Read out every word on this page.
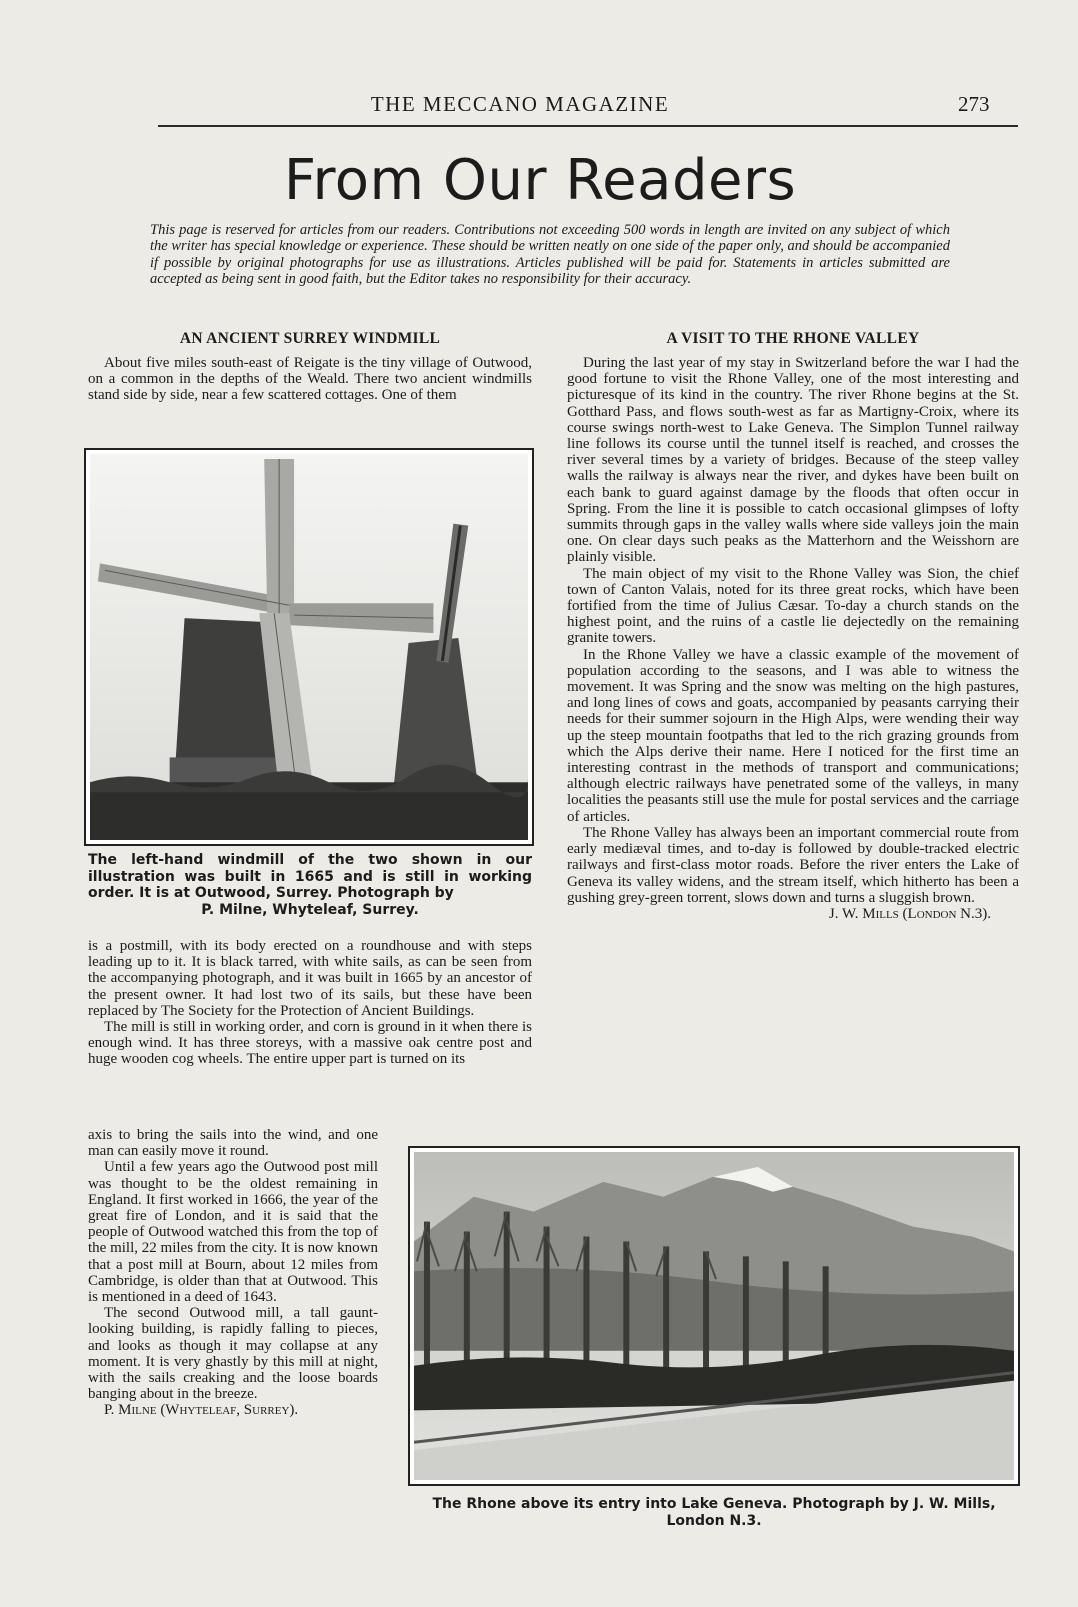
THE MECCANO MAGAZINE	273
From Our Readers
This page is reserved for articles from our readers. Contributions not exceeding 500 words in length are invited on any subject of which the writer has special knowledge or experience. These should be written neatly on one side of the paper only, and should be accompanied if possible by original photographs for use as illustrations. Articles published will be paid for. Statements in articles submitted are accepted as being sent in good faith, but the Editor takes no responsibility for their accuracy.
AN ANCIENT SURREY WINDMILL

About five miles south-east of Reigate is the tiny village of Outwood, on a common in the depths of the Weald. There two ancient windmills stand side by side, near a few scattered cottages. One of them

The left-hand windmill of the two shown in our illustration was built in 1665 and is still in working order. It is at Outwood, Surrey. Photograph by
P. Milne, Whyteleaf, Surrey.

is a postmill, with its body erected on a roundhouse and with steps leading up to it. It is black tarred, with white sails, as can be seen from the accompanying photograph, and it was built in 1665 by an ancestor of the present owner. It had lost two of its sails, but these have been replaced by The Society for the Protection of Ancient Buildings.

The mill is still in working order, and corn is ground in it when there is enough wind. It has three storeys, with a massive oak centre post and huge wooden cog wheels. The entire upper part is turned on its

axis to bring the sails into the wind, and one man can easily move it round.

Until a few years ago the Outwood post mill was thought to be the oldest remaining in England. It first worked in 1666, the year of the great fire of London, and it is said that the people of Outwood watched this from the top of the mill, 22 miles from the city. It is now known that a post mill at Bourn, about 12 miles from Cambridge, is older than that at Outwood. This is mentioned in a deed of 1643.

The second Outwood mill, a tall gaunt-looking building, is rapidly falling to pieces, and looks as though it may collapse at any moment. It is very ghastly by this mill at night, with the sails creaking and the loose boards banging about in the breeze.

P. Milne (Whyteleaf, Surrey).

A VISIT TO THE RHONE VALLEY

During the last year of my stay in Switzerland before the war I had the good fortune to visit the Rhone Valley, one of the most interesting and picturesque of its kind in the country. The river Rhone begins at the St. Gotthard Pass, and flows south-west as far as Martigny-Croix, where its course swings north-west to Lake Geneva. The Simplon Tunnel railway line follows its course until the tunnel itself is reached, and crosses the river several times by a variety of bridges. Because of the steep valley walls the railway is always near the river, and dykes have been built on each bank to guard against damage by the floods that often occur in Spring. From the line it is possible to catch occasional glimpses of lofty summits through gaps in the valley walls where side valleys join the main one. On clear days such peaks as the Matterhorn and the Weisshorn are plainly visible.

The main object of my visit to the Rhone Valley was Sion, the chief town of Canton Valais, noted for its three great rocks, which have been fortified from the time of Julius Cæsar. To-day a church stands on the highest point, and the ruins of a castle lie dejectedly on the remaining granite towers.

In the Rhone Valley we have a classic example of the movement of population according to the seasons, and I was able to witness the movement. It was Spring and the snow was melting on the high pastures, and long lines of cows and goats, accompanied by peasants carrying their needs for their summer sojourn in the High Alps, were wending their way up the steep mountain footpaths that led to the rich grazing grounds from which the Alps derive their name. Here I noticed for the first time an interesting contrast in the methods of transport and communications; although electric railways have penetrated some of the valleys, in many localities the peasants still use the mule for postal services and the carriage of articles.

The Rhone Valley has always been an important commercial route from early mediæval times, and to-day is followed by double-tracked electric railways and first-class motor roads. Before the river enters the Lake of Geneva its valley widens, and the stream itself, which hitherto has been a gushing grey-green torrent, slows down and turns a sluggish brown.

J. W. Mills (London N.3).
The Rhone above its entry into Lake Geneva. Photograph by J. W. Mills, London N.3.
